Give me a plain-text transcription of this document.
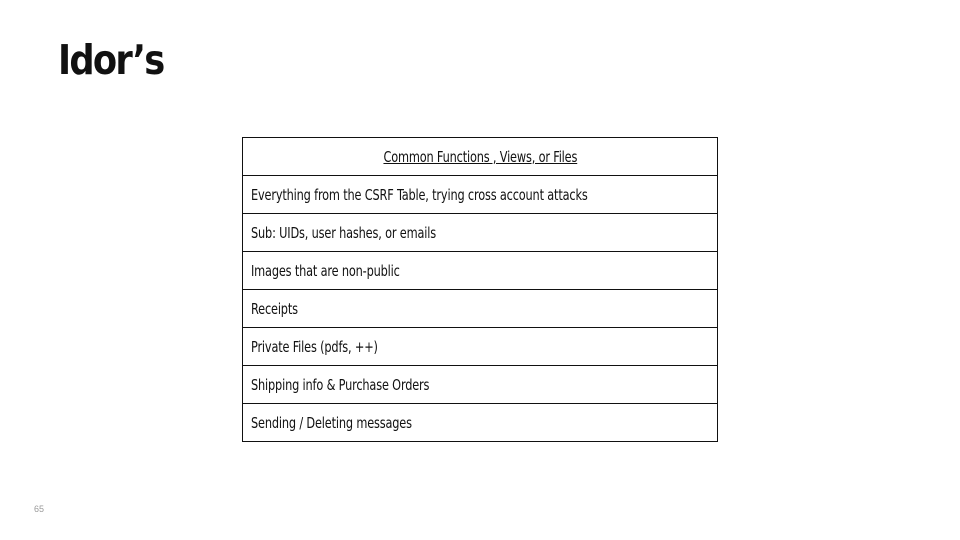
Idor’s
Common Functions , Views, or Files
Everything from the CSRF Table, trying cross account attacks
Sub: UIDs, user hashes, or emails
Images that are non-public
Receipts
Private Files (pdfs, ++)
Shipping info & Purchase Orders
Sending / Deleting messages
65
